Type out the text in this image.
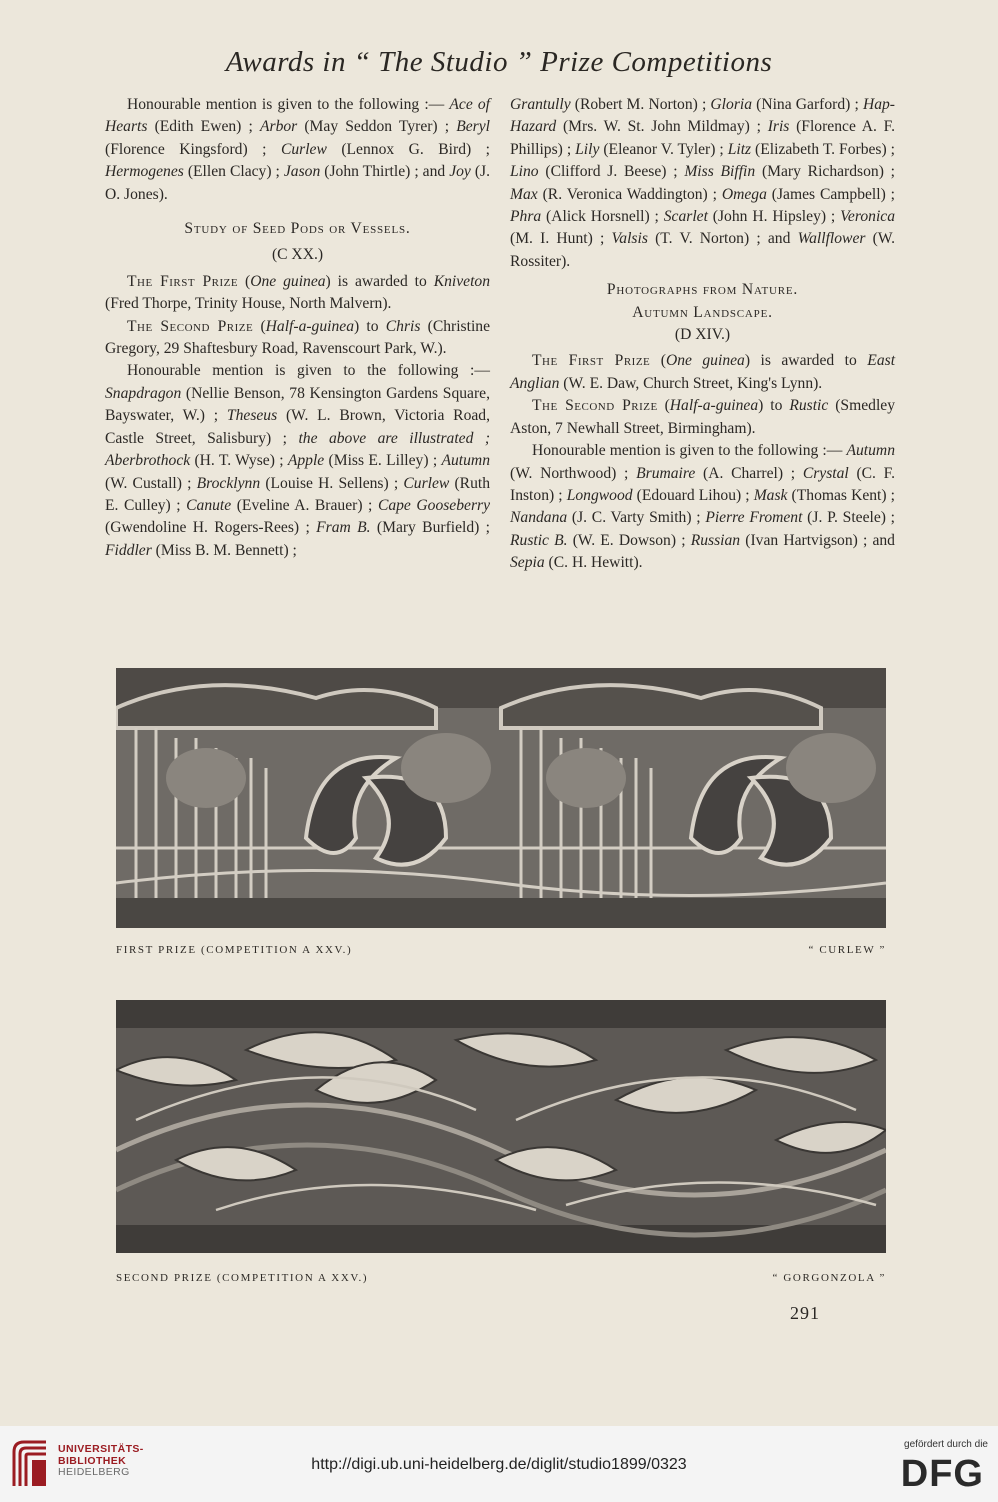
Awards in “ The Studio ” Prize Competitions

Honourable mention is given to the following :— Ace of Hearts (Edith Ewen) ; Arbor (May Seddon Tyrer) ; Beryl (Florence Kingsford) ; Curlew (Lennox G. Bird) ; Hermogenes (Ellen Clacy) ; Jason (John Thirtle) ; and Joy (J. O. Jones).

Study of Seed Pods or Vessels.

(C XX.)

The First Prize (One guinea) is awarded to Kniveton (Fred Thorpe, Trinity House, North Malvern).

The Second Prize (Half-a-guinea) to Chris (Christine Gregory, 29 Shaftesbury Road, Ravenscourt Park, W.).

Honourable mention is given to the following :— Snapdragon (Nellie Benson, 78 Kensington Gardens Square, Bayswater, W.) ; Theseus (W. L. Brown, Victoria Road, Castle Street, Salisbury) ; the above are illustrated ; Aberbrothock (H. T. Wyse) ; Apple (Miss E. Lilley) ; Autumn (W. Custall) ; Brocklynn (Louise H. Sellens) ; Curlew (Ruth E. Culley) ; Canute (Eveline A. Brauer) ; Cape Gooseberry (Gwendoline H. Rogers-Rees) ; Fram B. (Mary Burfield) ; Fiddler (Miss B. M. Bennett) ;

Grantully (Robert M. Norton) ; Gloria (Nina Garford) ; Hap-Hazard (Mrs. W. St. John Mildmay) ; Iris (Florence A. F. Phillips) ; Lily (Eleanor V. Tyler) ; Litz (Elizabeth T. Forbes) ; Lino (Clifford J. Beese) ; Miss Biffin (Mary Richardson) ; Max (R. Veronica Waddington) ; Omega (James Campbell) ; Phra (Alick Horsnell) ; Scarlet (John H. Hipsley) ; Veronica (M. I. Hunt) ; Valsis (T. V. Norton) ; and Wallflower (W. Rossiter).

Photographs from Nature.

Autumn Landscape.

(D XIV.)

The First Prize (One guinea) is awarded to East Anglian (W. E. Daw, Church Street, King's Lynn).

The Second Prize (Half-a-guinea) to Rustic (Smedley Aston, 7 Newhall Street, Birmingham).

Honourable mention is given to the following :— Autumn (W. Northwood) ; Brumaire (A. Charrel) ; Crystal (C. F. Inston) ; Longwood (Edouard Lihou) ; Mask (Thomas Kent) ; Nandana (J. C. Varty Smith) ; Pierre Froment (J. P. Steele) ; Rustic B. (W. E. Dowson) ; Russian (Ivan Hartvigson) ; and Sepia (C. H. Hewitt).

FIRST PRIZE (COMPETITION A XXV.)	“ CURLEW ”
SECOND PRIZE (COMPETITION A XXV.)	“ GORGONZOLA ”
291
UNIVERSITÄTS-
BIBLIOTHEK
HEIDELBERG	http://digi.ub.uni-heidelberg.de/diglit/studio1899/0323
gefördert durch die
DFG
